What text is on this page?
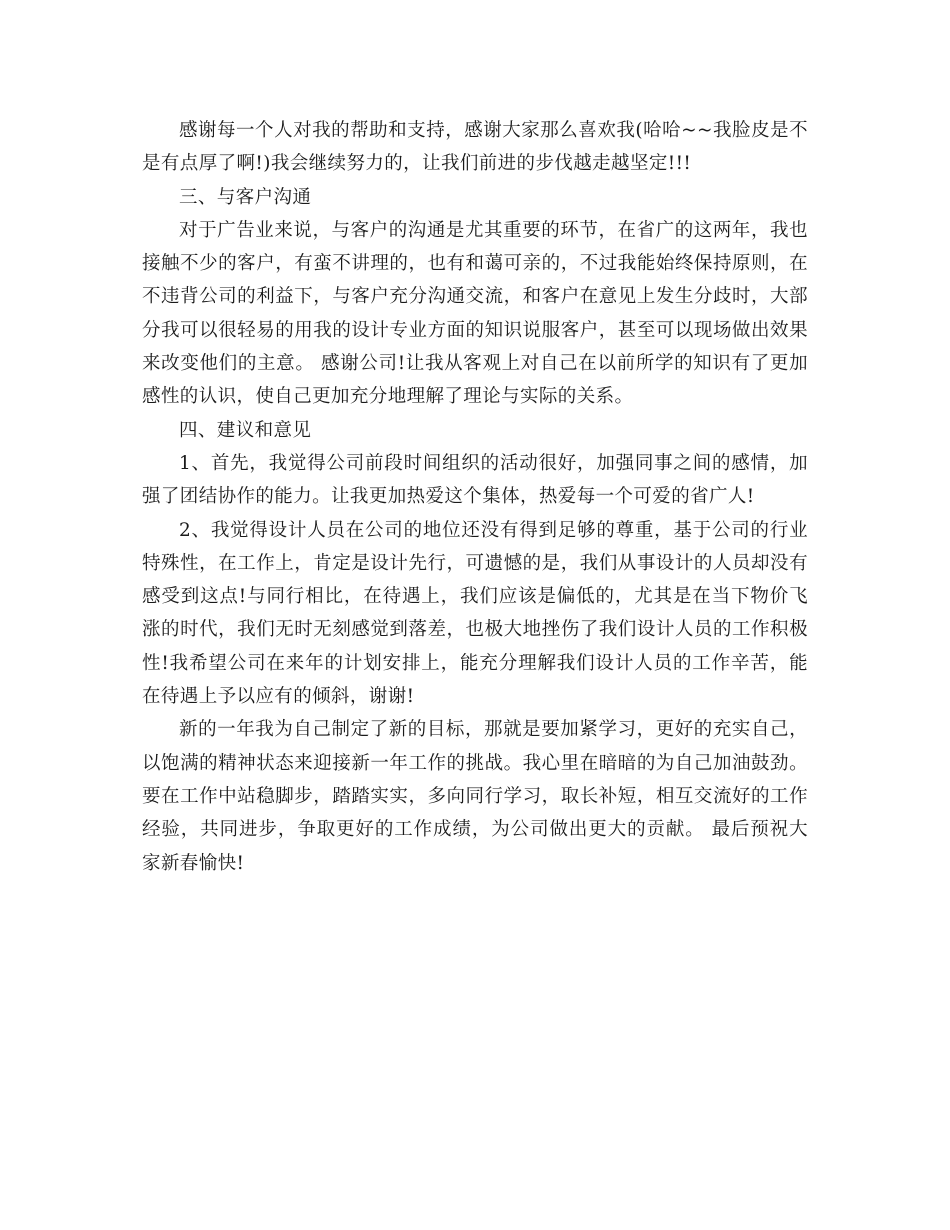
感谢每一个人对我的帮助和支持，感谢大家那么喜欢我(哈哈~~我脸皮是不是有点厚了啊!)我会继续努力的，让我们前进的步伐越走越坚定!!!

三、与客户沟通

对于广告业来说，与客户的沟通是尤其重要的环节，在省广的这两年，我也接触不少的客户，有蛮不讲理的，也有和蔼可亲的，不过我能始终保持原则，在不违背公司的利益下，与客户充分沟通交流，和客户在意见上发生分歧时，大部分我可以很轻易的用我的设计专业方面的知识说服客户，甚至可以现场做出效果来改变他们的主意。 感谢公司!让我从客观上对自己在以前所学的知识有了更加感性的认识，使自己更加充分地理解了理论与实际的关系。

四、建议和意见

1、首先，我觉得公司前段时间组织的活动很好，加强同事之间的感情，加强了团结协作的能力。让我更加热爱这个集体，热爱每一个可爱的省广人!

2、我觉得设计人员在公司的地位还没有得到足够的尊重，基于公司的行业特殊性，在工作上，肯定是设计先行，可遗憾的是，我们从事设计的人员却没有感受到这点!与同行相比，在待遇上，我们应该是偏低的，尤其是在当下物价飞涨的时代，我们无时无刻感觉到落差，也极大地挫伤了我们设计人员的工作积极性!我希望公司在来年的计划安排上，能充分理解我们设计人员的工作辛苦，能在待遇上予以应有的倾斜，谢谢!

新的一年我为自己制定了新的目标，那就是要加紧学习，更好的充实自己，以饱满的精神状态来迎接新一年工作的挑战。我心里在暗暗的为自己加油鼓劲。要在工作中站稳脚步，踏踏实实，多向同行学习，取长补短，相互交流好的工作经验，共同进步，争取更好的工作成绩，为公司做出更大的贡献。 最后预祝大家新春愉快!
